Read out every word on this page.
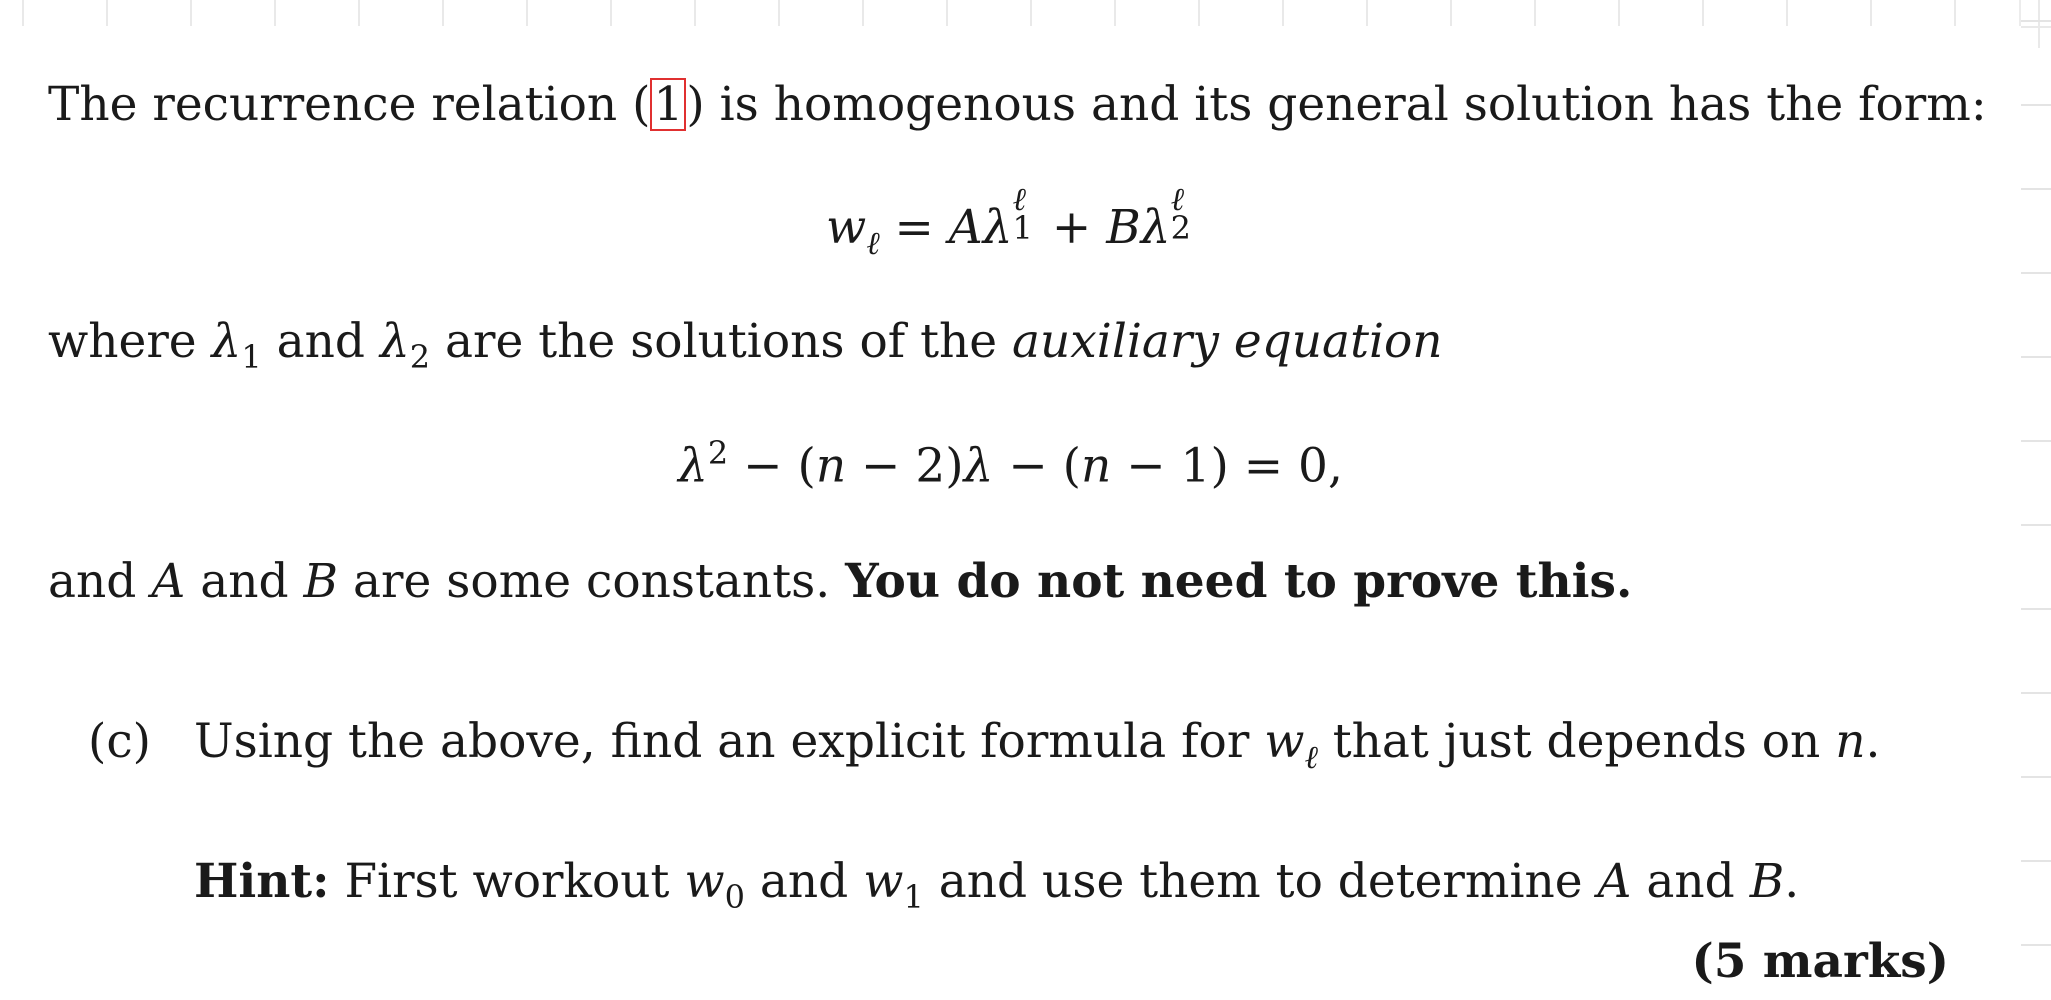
The recurrence relation (1) is homogenous and its general solution has the form:
$w_\ell = A\lambda$
ℓ
1 + Bλ
ℓ
2
where $\lambda_1$ and $\lambda_2$ are the solutions of the auxiliary equation
$\lambda^2 - (n - 2)\lambda - (n - 1) = 0$,
and A and B are some constants. You do not need to prove this.
(c) Using the above, find an explicit formula for $w_\ell$ that just depends on n.
Hint: First workout $w_0$ and $w_1$ and use them to determine A and B.
(5 marks)
